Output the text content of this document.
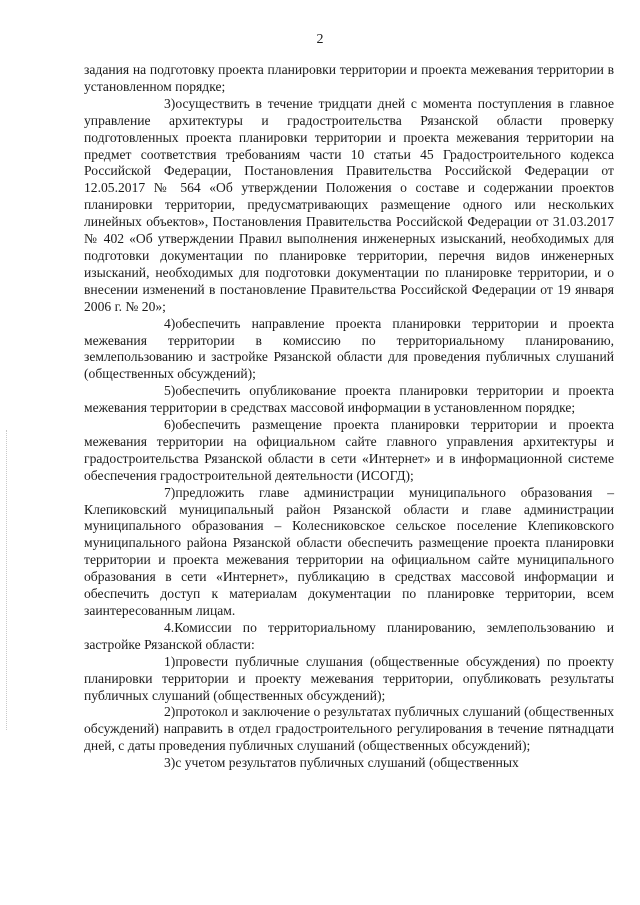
2

задания на подготовку проекта планировки территории и проекта межевания территории в установленном порядке;

3)осуществить в течение тридцати дней с момента поступления в главное управление архитектуры и градостроительства Рязанской области проверку подготовленных проекта планировки территории и проекта межевания территории на предмет соответствия требованиям части 10 статьи 45 Градостроительного кодекса Российской Федерации, Постановления Правительства Российской Федерации от 12.05.2017 № 564 «Об утверждении Положения о составе и содержании проектов планировки территории, предусматривающих размещение одного или нескольких линейных объектов», Постановления Правительства Российской Федерации от 31.03.2017 № 402 «Об утверждении Правил выполнения инженерных изысканий, необходимых для подготовки документации по планировке территории, перечня видов инженерных изысканий, необходимых для подготовки документации по планировке территории, и о внесении изменений в постановление Правительства Российской Федерации от 19 января 2006 г. № 20»;

4)обеспечить направление проекта планировки территории и проекта межевания территории в комиссию по территориальному планированию, землепользованию и застройке Рязанской области для проведения публичных слушаний (общественных обсуждений);

5)обеспечить опубликование проекта планировки территории и проекта межевания территории в средствах массовой информации в установленном порядке;

6)обеспечить размещение проекта планировки территории и проекта межевания территории на официальном сайте главного управления архитектуры и градостроительства Рязанской области в сети «Интернет» и в информационной системе обеспечения градостроительной деятельности (ИСОГД);

7)предложить главе администрации муниципального образования – Клепиковский муниципальный район Рязанской области и главе администрации муниципального образования – Колесниковское сельское поселение Клепиковского муниципального района Рязанской области обеспечить размещение проекта планировки территории и проекта межевания территории на официальном сайте муниципального образования в сети «Интернет», публикацию в средствах массовой информации и обеспечить доступ к материалам документации по планировке территории, всем заинтересованным лицам.

4.Комиссии по территориальному планированию, землепользованию и застройке Рязанской области:

1)провести публичные слушания (общественные обсуждения) по проекту планировки территории и проекту межевания территории, опубликовать результаты публичных слушаний (общественных обсуждений);

2)протокол и заключение о результатах публичных слушаний (общественных обсуждений) направить в отдел градостроительного регулирования в течение пятнадцати дней, с даты проведения публичных слушаний (общественных обсуждений);

3)с учетом результатов публичных слушаний (общественных
